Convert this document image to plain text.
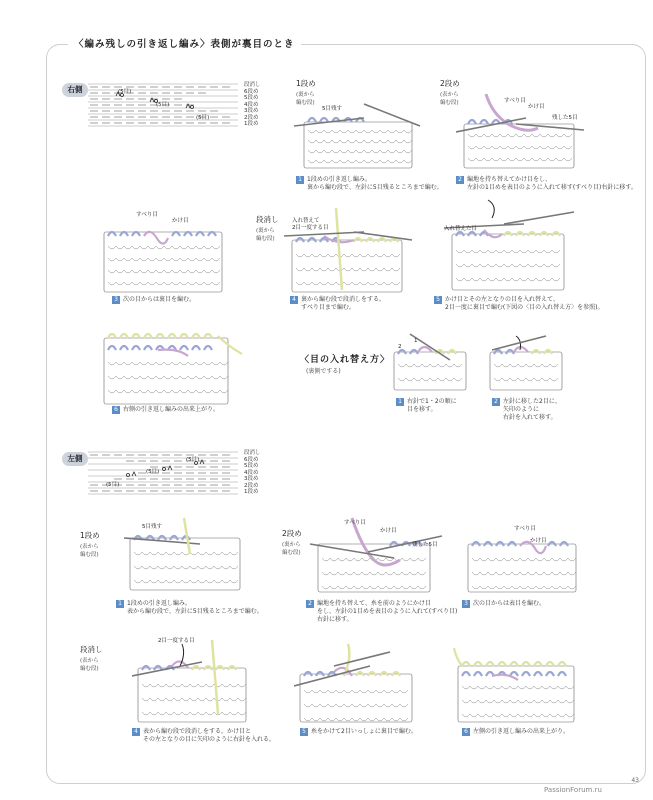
〈編み残しの引き返し編み〉表側が裏目のとき
右側	(5目)
(5目)
(5目)
段消し
6段め
5段め
4段め
3段め
2段め
1段め
1段め
(裏から編む段)
5目残す
1 1段めの引き返し編み。
裏から編む段で、左針に5目残るところまで編む。
2段め
(表から編む段)	すべり目
かけ目
残した5目
2 編地を持ち替えてかけ目をし、
左針の1目めを表目のように入れて移す(すべり目)右針に移す。
すべり目
かけ目
3 次の目からは裏目を編む。
段消し
(裏から編む段)
入れ替えて
2目一度する目
4 裏から編む段で段消しをする。
すべり目まで編む。
入れ替えた目
5 かけ目とその左となりの目を入れ替えて、
2目一度に裏目で編む(下図の〈目の入れ替え方〉を参照)。
6 右側の引き返し編みの出来上がり。
〈目の入れ替え方〉
(裏側でする)
2
1
1 右針で1・2の順に
目を移す。
2 左針に移した2目に、
矢印のように
右針を入れて移す。
左側
(5目)
(5目)
(5目)
段消し
6段め
5段め
4段め
3段め
2段め
1段め
1段め
(表から編む段)
5目残す
1 1段めの引き返し編み。
表から編む段で、左針に5目残るところまで編む。
2段め
(裏から編む段)
すべり目
かけ目
残した5目
2 編地を持ち替えて、糸を前のようにかけ目
をし、左針の1目めを表目のように入れて(すべり目)
右針に移す。
すべり目
かけ目
3 次の目からは表目を編む。
段消し
(表から編む段)
2目一度する目
4 表から編む段で段消しをする。かけ目と
その左となりの目に矢印のように右針を入れる。
5 糸をかけて2目いっしょに裏目で編む。	6 左側の引き返し編みの出来上がり。
43
PassionForum.ru
